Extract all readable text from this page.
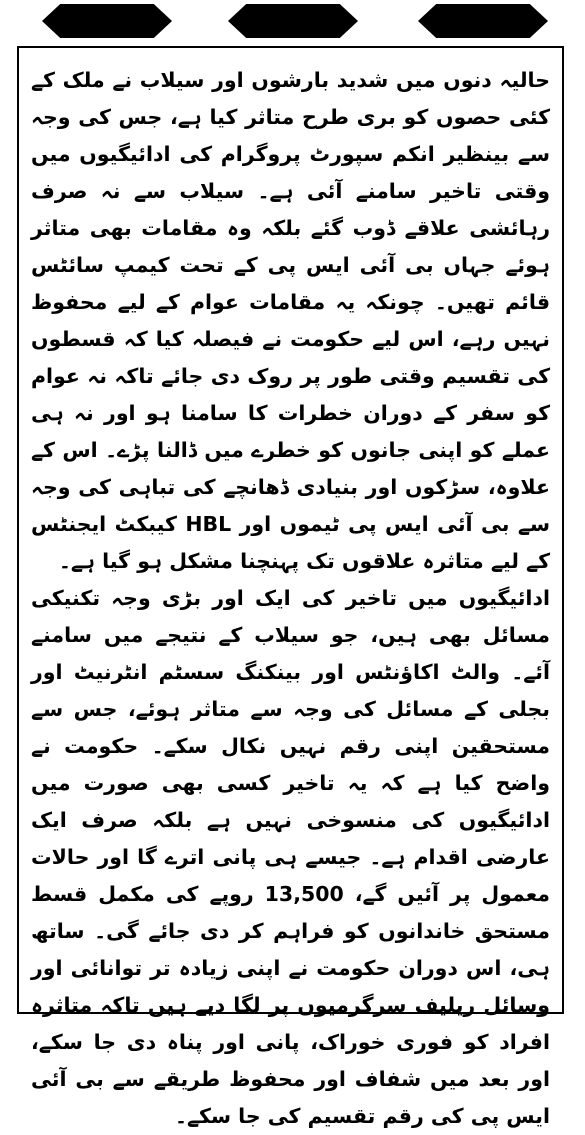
حالیہ دنوں میں شدید بارشوں اور سیلاب نے ملک کے کئی حصوں کو بری طرح متاثر کیا ہے، جس کی وجہ سے بینظیر انکم سپورٹ پروگرام کی ادائیگیوں میں وقتی تاخیر سامنے آئی ہے۔ سیلاب سے نہ صرف رہائشی علاقے ڈوب گئے بلکہ وہ مقامات بھی متاثر ہوئے جہاں بی آئی ایس پی کے تحت کیمپ سائٹس قائم تھیں۔ چونکہ یہ مقامات عوام کے لیے محفوظ نہیں رہے، اس لیے حکومت نے فیصلہ کیا کہ قسطوں کی تقسیم وقتی طور پر روک دی جائے تاکہ نہ عوام کو سفر کے دوران خطرات کا سامنا ہو اور نہ ہی عملے کو اپنی جانوں کو خطرے میں ڈالنا پڑے۔ اس کے علاوہ، سڑکوں اور بنیادی ڈھانچے کی تباہی کی وجہ سے بی آئی ایس پی ٹیموں اور HBL کیبکٹ ایجنٹس کے لیے متاثرہ علاقوں تک پہنچنا مشکل ہو گیا ہے۔

ادائیگیوں میں تاخیر کی ایک اور بڑی وجہ تکنیکی مسائل بھی ہیں، جو سیلاب کے نتیجے میں سامنے آئے۔ والٹ اکاؤنٹس اور بینکنگ سسٹم انٹرنیٹ اور بجلی کے مسائل کی وجہ سے متاثر ہوئے، جس سے مستحقین اپنی رقم نہیں نکال سکے۔ حکومت نے واضح کیا ہے کہ یہ تاخیر کسی بھی صورت میں ادائیگیوں کی منسوخی نہیں ہے بلکہ صرف ایک عارضی اقدام ہے۔ جیسے ہی پانی اترے گا اور حالات معمول پر آئیں گے، 13,500 روپے کی مکمل قسط مستحق خاندانوں کو فراہم کر دی جائے گی۔ ساتھ ہی، اس دوران حکومت نے اپنی زیادہ تر توانائی اور وسائل ریلیف سرگرمیوں پر لگا دیے ہیں تاکہ متاثرہ افراد کو فوری خوراک، پانی اور پناہ دی جا سکے، اور بعد میں شفاف اور محفوظ طریقے سے بی آئی ایس پی کی رقم تقسیم کی جا سکے۔
